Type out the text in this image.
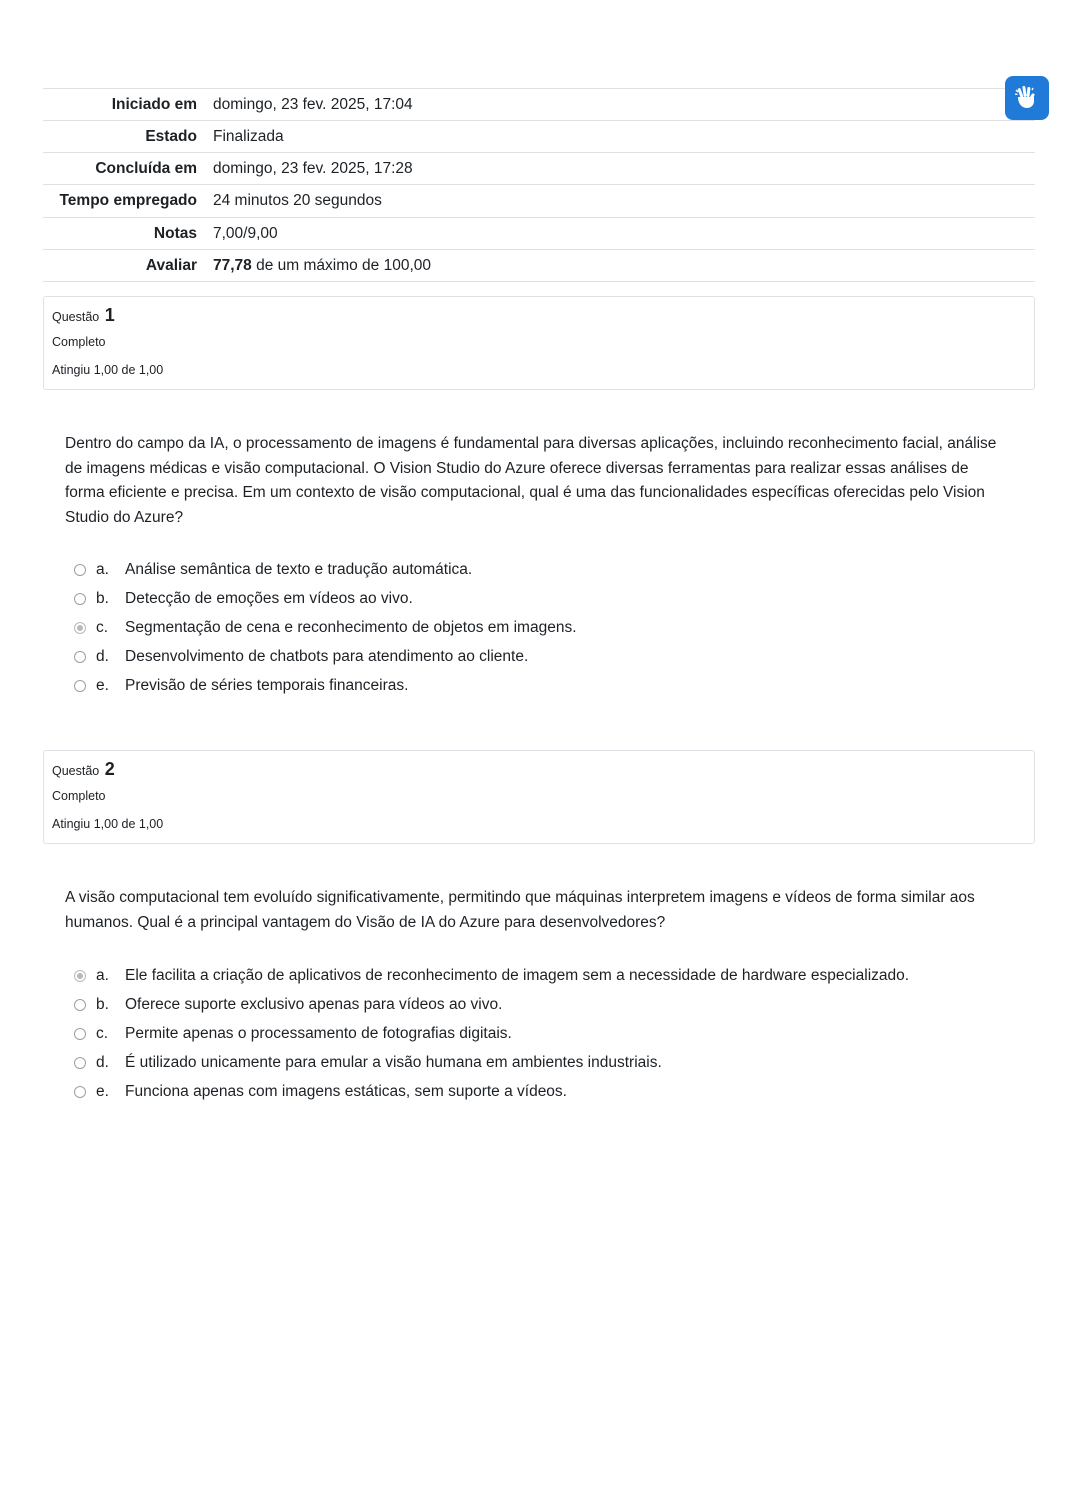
Iniciado em	domingo, 23 fev. 2025, 17:04
Estado	Finalizada
Concluída em	domingo, 23 fev. 2025, 17:28
Tempo empregado	24 minutos 20 segundos
Notas	7,00/9,00
Avaliar	77,78 de um máximo de 100,00
Questão 1
Completo
Atingiu 1,00 de 1,00
Dentro do campo da IA, o processamento de imagens é fundamental para diversas aplicações, incluindo reconhecimento facial, análise de imagens médicas e visão computacional. O Vision Studio do Azure oferece diversas ferramentas para realizar essas análises de forma eficiente e precisa. Em um contexto de visão computacional, qual é uma das funcionalidades específicas oferecidas pelo Vision Studio do Azure?
a.	Análise semântica de texto e tradução automática.
b.	Detecção de emoções em vídeos ao vivo.
c.	Segmentação de cena e reconhecimento de objetos em imagens.
d.	Desenvolvimento de chatbots para atendimento ao cliente.
e.	Previsão de séries temporais financeiras.
Questão 2
Completo
Atingiu 1,00 de 1,00
A visão computacional tem evoluído significativamente, permitindo que máquinas interpretem imagens e vídeos de forma similar aos humanos. Qual é a principal vantagem do Visão de IA do Azure para desenvolvedores?
a.	Ele facilita a criação de aplicativos de reconhecimento de imagem sem a necessidade de hardware especializado.
b.	Oferece suporte exclusivo apenas para vídeos ao vivo.
c.	Permite apenas o processamento de fotografias digitais.
d.	É utilizado unicamente para emular a visão humana em ambientes industriais.
e.	Funciona apenas com imagens estáticas, sem suporte a vídeos.
